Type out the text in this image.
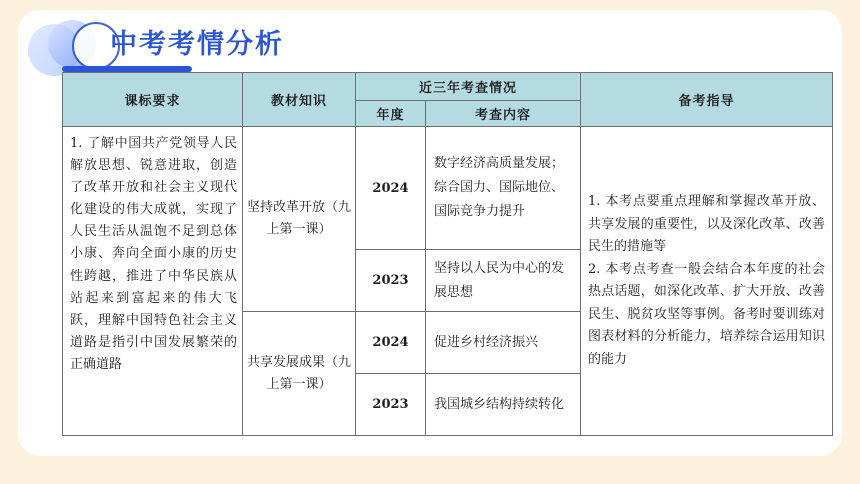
中考考情分析
课标要求	教材知识	近三年考查情况		备考指导
		年度	考查内容	
1. 了解中国共产党领导人民解放思想、锐意进取，创造了改革开放和社会主义现代化建设的伟大成就，实现了人民生活从温饱不足到总体小康、奔向全面小康的历史性跨越，推进了中华民族从站起来到富起来的伟大飞跃，理解中国特色社会主义道路是指引中国发展繁荣的正确道路	坚持改革开放（九上第一课）	2024	数字经济高质量发展；综合国力、国际地位、国际竞争力提升	1. 本考点要重点理解和掌握改革开放、共享发展的重要性，以及深化改革、改善民生的措施等
2. 本考点考查一般会结合本年度的社会热点话题，如深化改革、扩大开放、改善民生、脱贫攻坚等事例。备考时要训练对图表材料的分析能力，培养综合运用知识的能力

		2023	坚持以人民为中心的发展思想	
	共享发展成果（九上第一课）	2024	促进乡村经济振兴	
		2023	我国城乡结构持续转化	
